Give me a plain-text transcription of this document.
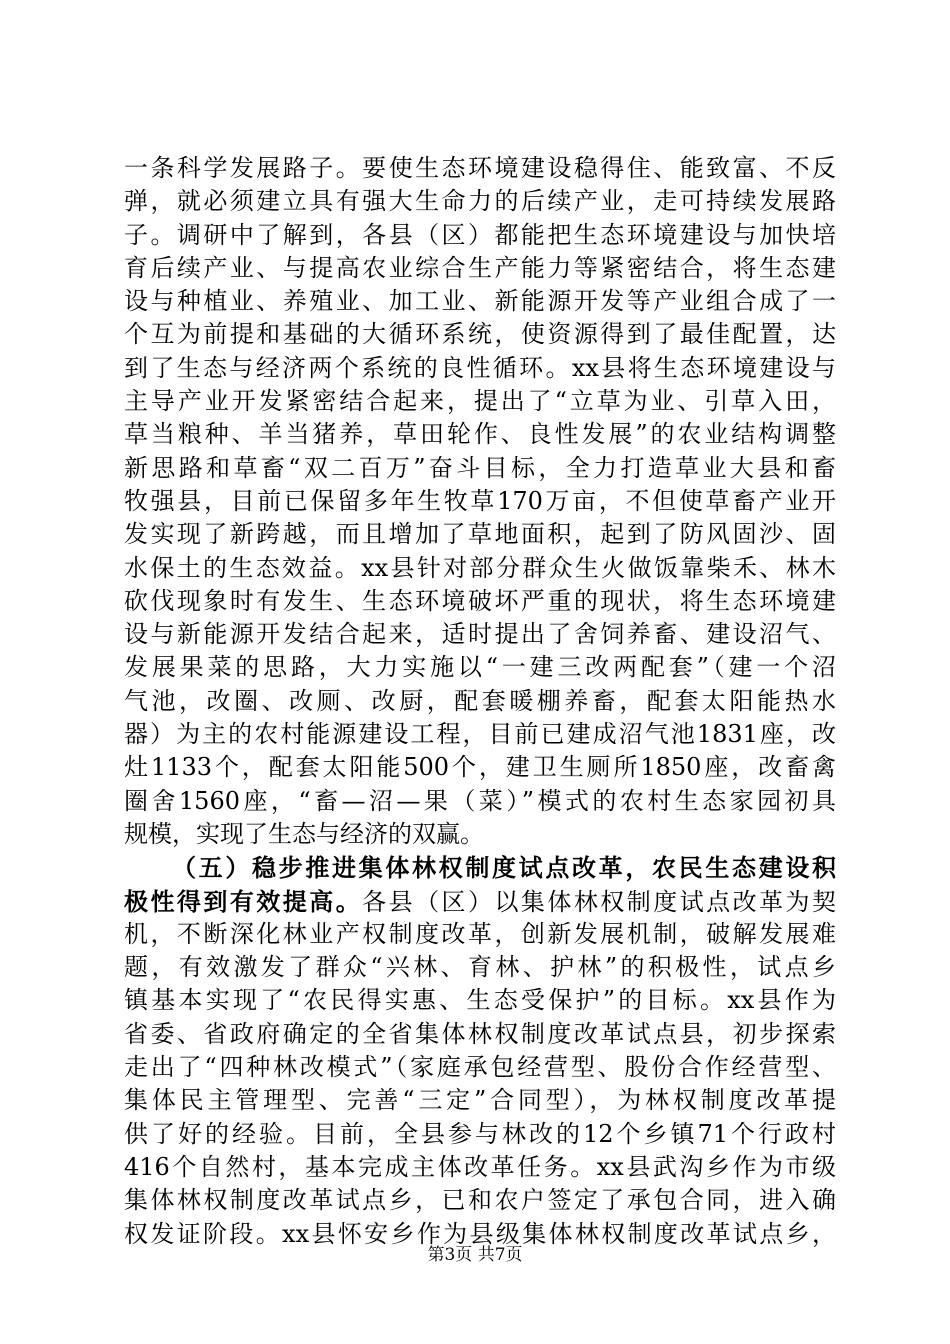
一条科学发展路子。要使生态环境建设稳得住、能致富、不反
弹，就必须建立具有强大生命力的后续产业，走可持续发展路
子。调研中了解到，各县（区）都能把生态环境建设与加快培
育后续产业、与提高农业综合生产能力等紧密结合，将生态建
设与种植业、养殖业、加工业、新能源开发等产业组合成了一
个互为前提和基础的大循环系统，使资源得到了最佳配置，达
到了生态与经济两个系统的良性循环。xx县将生态环境建设与
主导产业开发紧密结合起来，提出了“立草为业、引草入田，
草当粮种、羊当猪养，草田轮作、良性发展”的农业结构调整
新思路和草畜“双二百万”奋斗目标，全力打造草业大县和畜
牧强县，目前已保留多年生牧草170万亩，不但使草畜产业开
发实现了新跨越，而且增加了草地面积，起到了防风固沙、固
水保土的生态效益。xx县针对部分群众生火做饭靠柴禾、林木
砍伐现象时有发生、生态环境破坏严重的现状，将生态环境建
设与新能源开发结合起来，适时提出了舍饲养畜、建设沼气、
发展果菜的思路，大力实施以“一建三改两配套”（建一个沼
气池，改圈、改厕、改厨，配套暖棚养畜，配套太阳能热水
器）为主的农村能源建设工程，目前已建成沼气池1831座，改
灶1133个，配套太阳能500个，建卫生厕所1850座，改畜禽
圈舍1560座，“畜—沼—果（菜）”模式的农村生态家园初具
规模，实现了生态与经济的双赢。
（五）稳步推进集体林权制度试点改革，农民生态建设积
极性得到有效提高。各县（区）以集体林权制度试点改革为契
机，不断深化林业产权制度改革，创新发展机制，破解发展难
题，有效激发了群众“兴林、育林、护林”的积极性，试点乡
镇基本实现了“农民得实惠、生态受保护”的目标。xx县作为
省委、省政府确定的全省集体林权制度改革试点县，初步探索
走出了“四种林改模式”（家庭承包经营型、股份合作经营型、
集体民主管理型、完善“三定”合同型），为林权制度改革提
供了好的经验。目前，全县参与林改的12个乡镇71个行政村
416个自然村，基本完成主体改革任务。xx县武沟乡作为市级
集体林权制度改革试点乡，已和农户签定了承包合同，进入确
权发证阶段。xx县怀安乡作为县级集体林权制度改革试点乡，
第3页 共7页
